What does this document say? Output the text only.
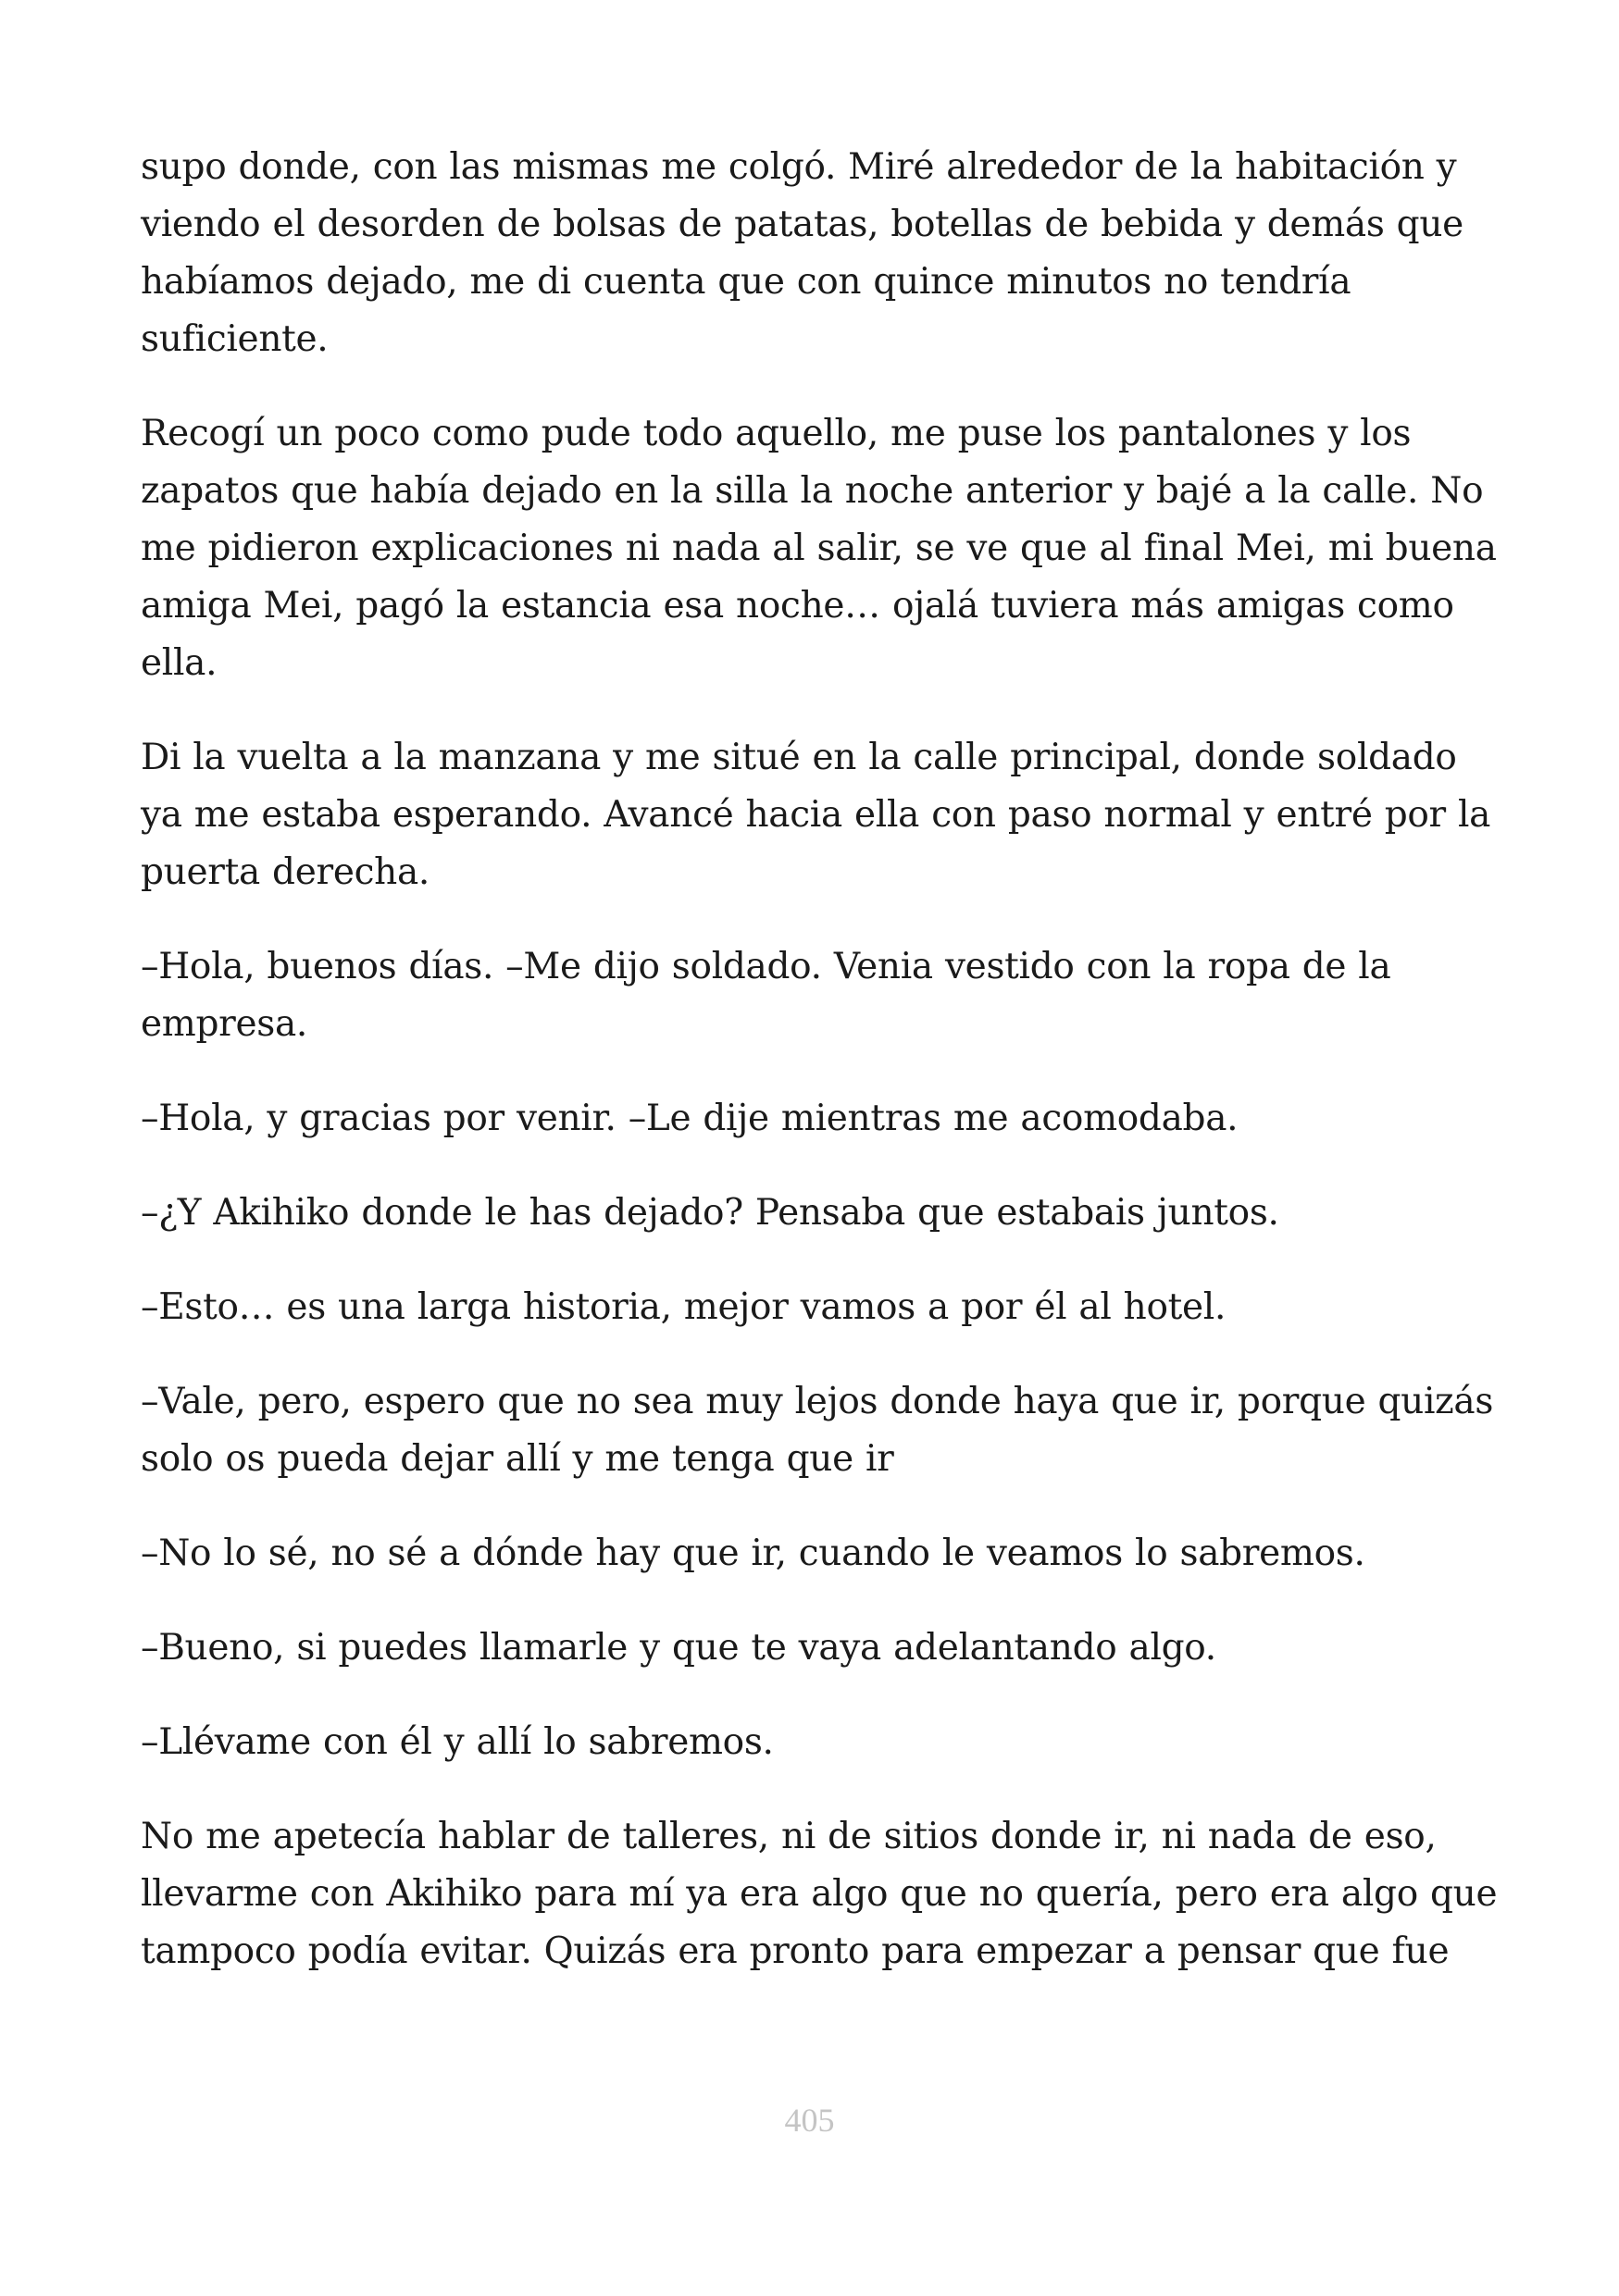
supo donde, con las mismas me colgó. Miré alrededor de la habitación y viendo el desorden de bolsas de patatas, botellas de bebida y demás que habíamos dejado, me di cuenta que con quince minutos no tendría suficiente.

Recogí un poco como pude todo aquello, me puse los pantalones y los zapatos que había dejado en la silla la noche anterior y bajé a la calle. No me pidieron explicaciones ni nada al salir, se ve que al final Mei, mi buena amiga Mei, pagó la estancia esa noche… ojalá tuviera más amigas como ella.

Di la vuelta a la manzana y me situé en la calle principal, donde soldado ya me estaba esperando. Avancé hacia ella con paso normal y entré por la puerta derecha.

–Hola, buenos días. –Me dijo soldado. Venia vestido con la ropa de la empresa.

–Hola, y gracias por venir. –Le dije mientras me acomodaba.

–¿Y Akihiko donde le has dejado? Pensaba que estabais juntos.

–Esto… es una larga historia, mejor vamos a por él al hotel.

–Vale, pero, espero que no sea muy lejos donde haya que ir, porque quizás solo os pueda dejar allí y me tenga que ir

–No lo sé, no sé a dónde hay que ir, cuando le veamos lo sabremos.

–Bueno, si puedes llamarle y que te vaya adelantando algo.

–Llévame con él y allí lo sabremos.

No me apetecía hablar de talleres, ni de sitios donde ir, ni nada de eso, llevarme con Akihiko para mí ya era algo que no quería, pero era algo que tampoco podía evitar. Quizás era pronto para empezar a pensar que fue

405
